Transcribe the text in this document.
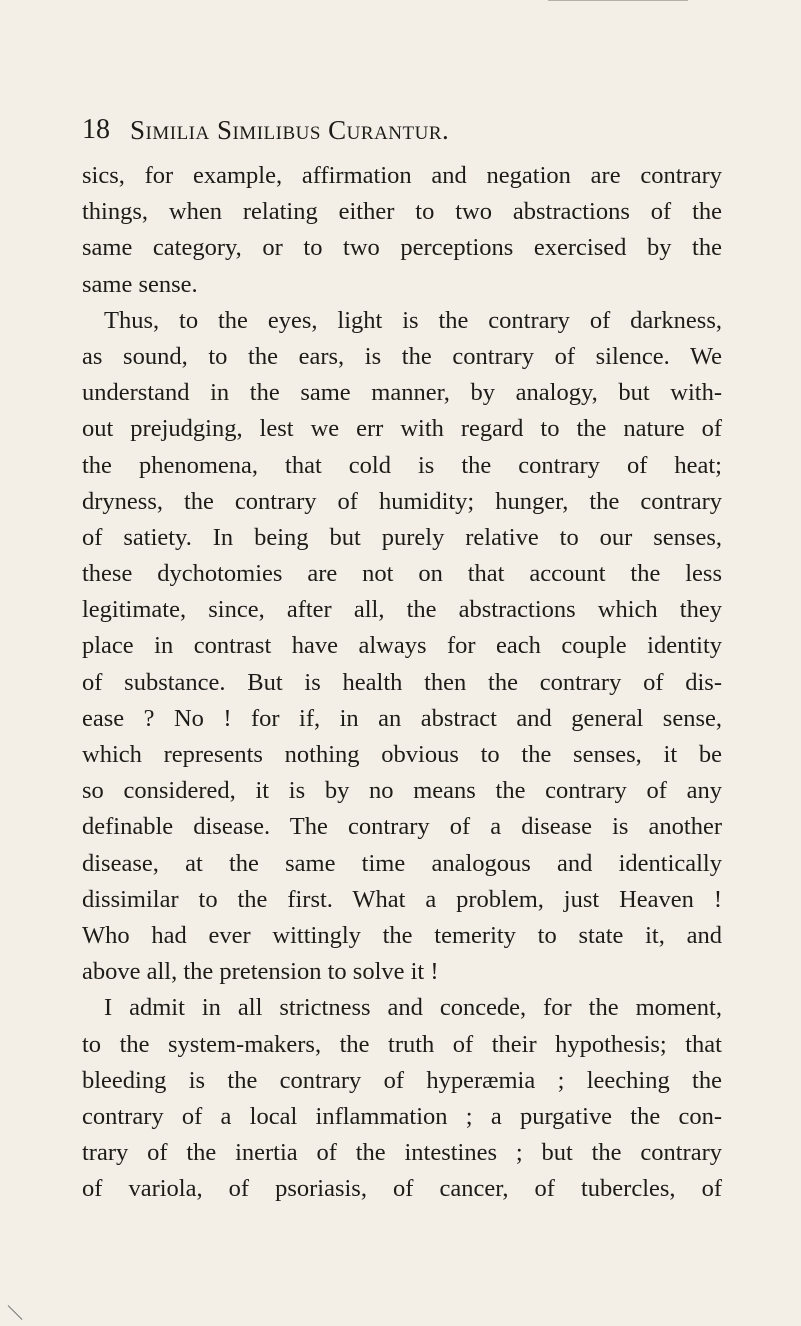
18 Similia Similibus Curantur.
sics, for example, affirmation and negation are contrary
things, when relating either to two abstractions of the
same category, or to two perceptions exercised by the
same sense.
Thus, to the eyes, light is the contrary of darkness,
as sound, to the ears, is the contrary of silence. We
understand in the same manner, by analogy, but with-
out prejudging, lest we err with regard to the nature of
the phenomena, that cold is the contrary of heat;
dryness, the contrary of humidity; hunger, the contrary
of satiety. In being but purely relative to our senses,
these dychotomies are not on that account the less
legitimate, since, after all, the abstractions which they
place in contrast have always for each couple identity
of substance. But is health then the contrary of dis-
ease ? No ! for if, in an abstract and general sense,
which represents nothing obvious to the senses, it be
so considered, it is by no means the contrary of any
definable disease. The contrary of a disease is another
disease, at the same time analogous and identically
dissimilar to the first. What a problem, just Heaven !
Who had ever wittingly the temerity to state it, and
above all, the pretension to solve it !
I admit in all strictness and concede, for the moment,
to the system-makers, the truth of their hypothesis; that
bleeding is the contrary of hyperæmia ; leeching the
contrary of a local inflammation ; a purgative the con-
trary of the inertia of the intestines ; but the contrary
of variola, of psoriasis, of cancer, of tubercles, of
